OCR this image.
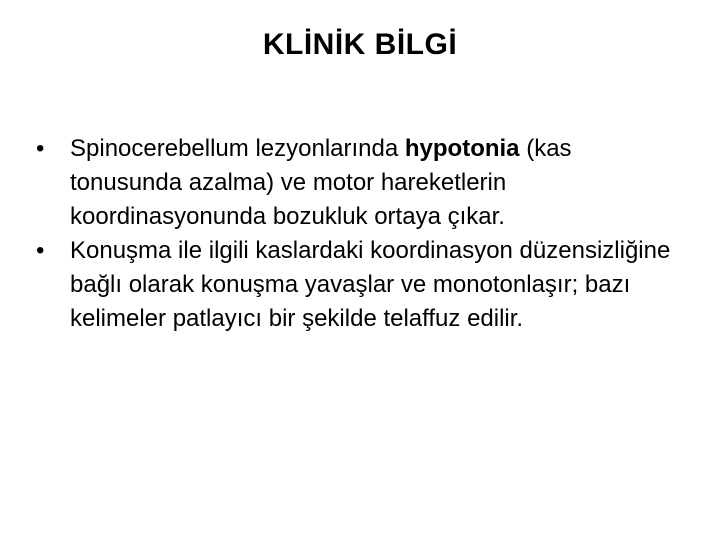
KLİNİK BİLGİ
•	Spinocerebellum lezyonlarında hypotonia (kas tonusunda azalma) ve motor hareketlerin koordinasyonunda bozukluk ortaya çıkar.
•	Konuşma ile ilgili kaslardaki koordinasyon düzensizliğine bağlı olarak konuşma yavaşlar ve monotonlaşır; bazı kelimeler patlayıcı bir şekilde telaffuz edilir.
